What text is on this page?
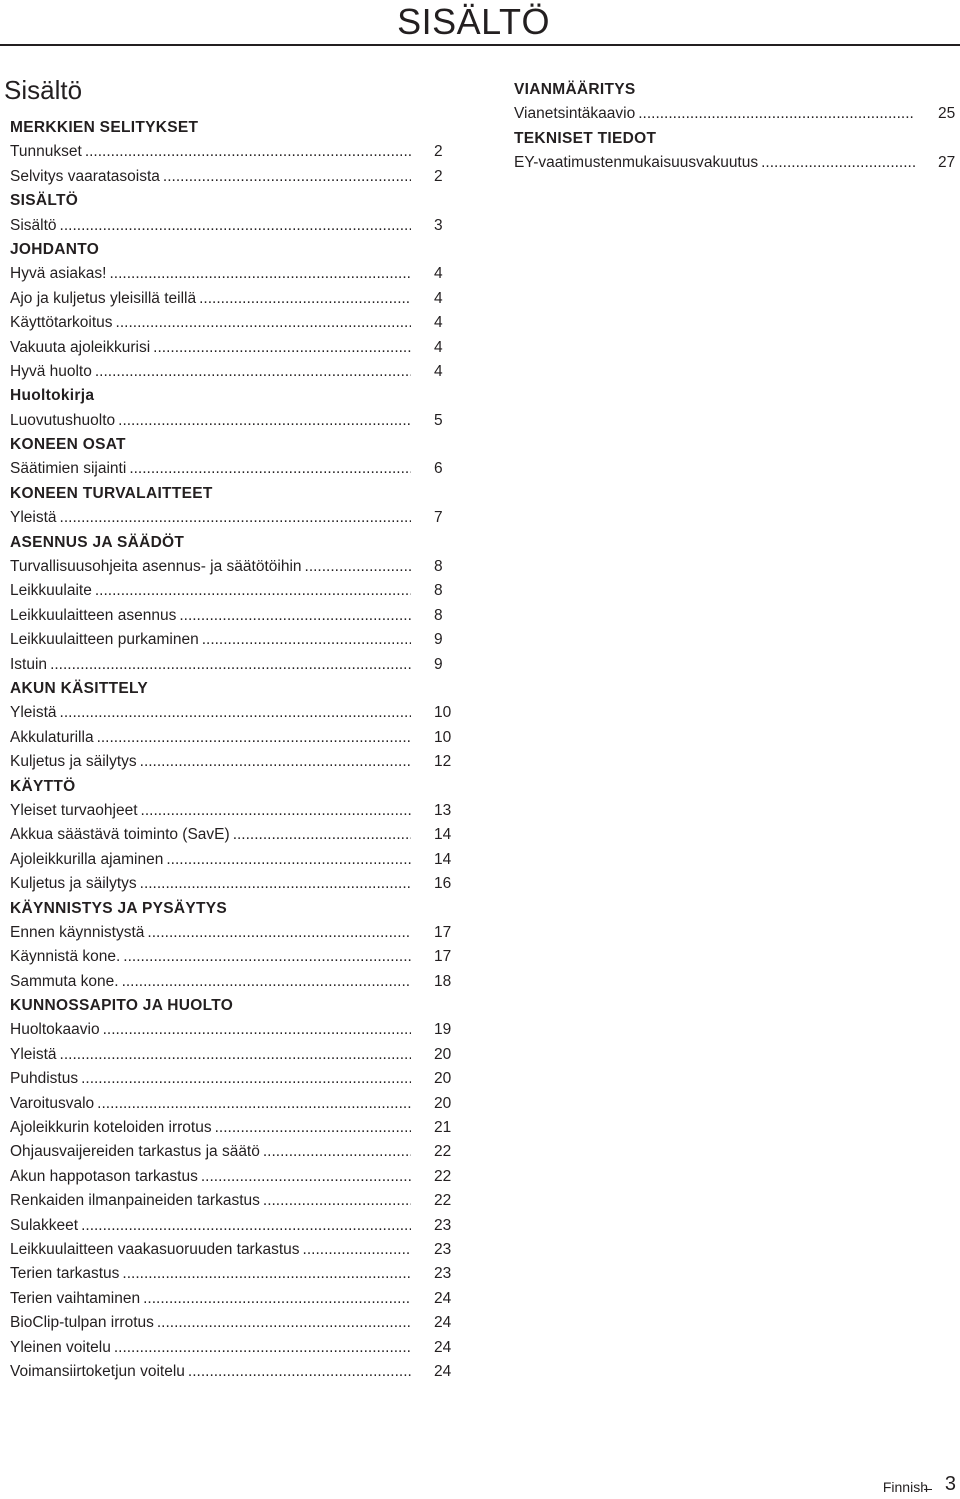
SISÄLTÖ
Sisältö
MERKKIEN SELITYKSET
Tunnukset .....	2
Selvitys vaaratasoista .....	2
SISÄLTÖ
Sisältö .....	3
JOHDANTO
Hyvä asiakas! .....	4
Ajo ja kuljetus yleisillä teillä .....	4
Käyttötarkoitus .....	4
Vakuuta ajoleikkurisi .....	4
Hyvä huolto .....	4
Huoltokirja
Luovutushuolto .....	5
KONEEN OSAT
Säätimien sijainti .....	6
KONEEN TURVALAITTEET
Yleistä .....	7
ASENNUS JA SÄÄDÖT
Turvallisuusohjeita asennus- ja säätötöihin .....	8
Leikkuulaite .....	8
Leikkuulaitteen asennus .....	8
Leikkuulaitteen purkaminen .....	9
Istuin .....	9
AKUN KÄSITTELY
Yleistä .....	10
Akkulaturilla .....	10
Kuljetus ja säilytys .....	12
KÄYTTÖ
Yleiset turvaohjeet .....	13
Akkua säästävä toiminto (SavE) .....	14
Ajoleikkurilla ajaminen .....	14
Kuljetus ja säilytys .....	16
KÄYNNISTYS JA PYSÄYTYS
Ennen käynnistystä .....	17
Käynnistä kone. .....	17
Sammuta kone. .....	18
KUNNOSSAPITO JA HUOLTO
Huoltokaavio .....	19
Yleistä .....	20
Puhdistus .....	20
Varoitusvalo .....	20
Ajoleikkurin koteloiden irrotus .....	21
Ohjausvaijereiden tarkastus ja säätö .....	22
Akun happotason tarkastus .....	22
Renkaiden ilmanpaineiden tarkastus .....	22
Sulakkeet .....	23
Leikkuulaitteen vaakasuoruuden tarkastus .....	23
Terien tarkastus .....	23
Terien vaihtaminen .....	24
BioClip-tulpan irrotus .....	24
Yleinen voitelu .....	24
Voimansiirtoketjun voitelu .....	24
VIANMÄÄRITYS
Vianetsintäkaavio .....	25
TEKNISET TIEDOT
EY-vaatimustenmukaisuusvakuutus .....	27
Finnish 3
